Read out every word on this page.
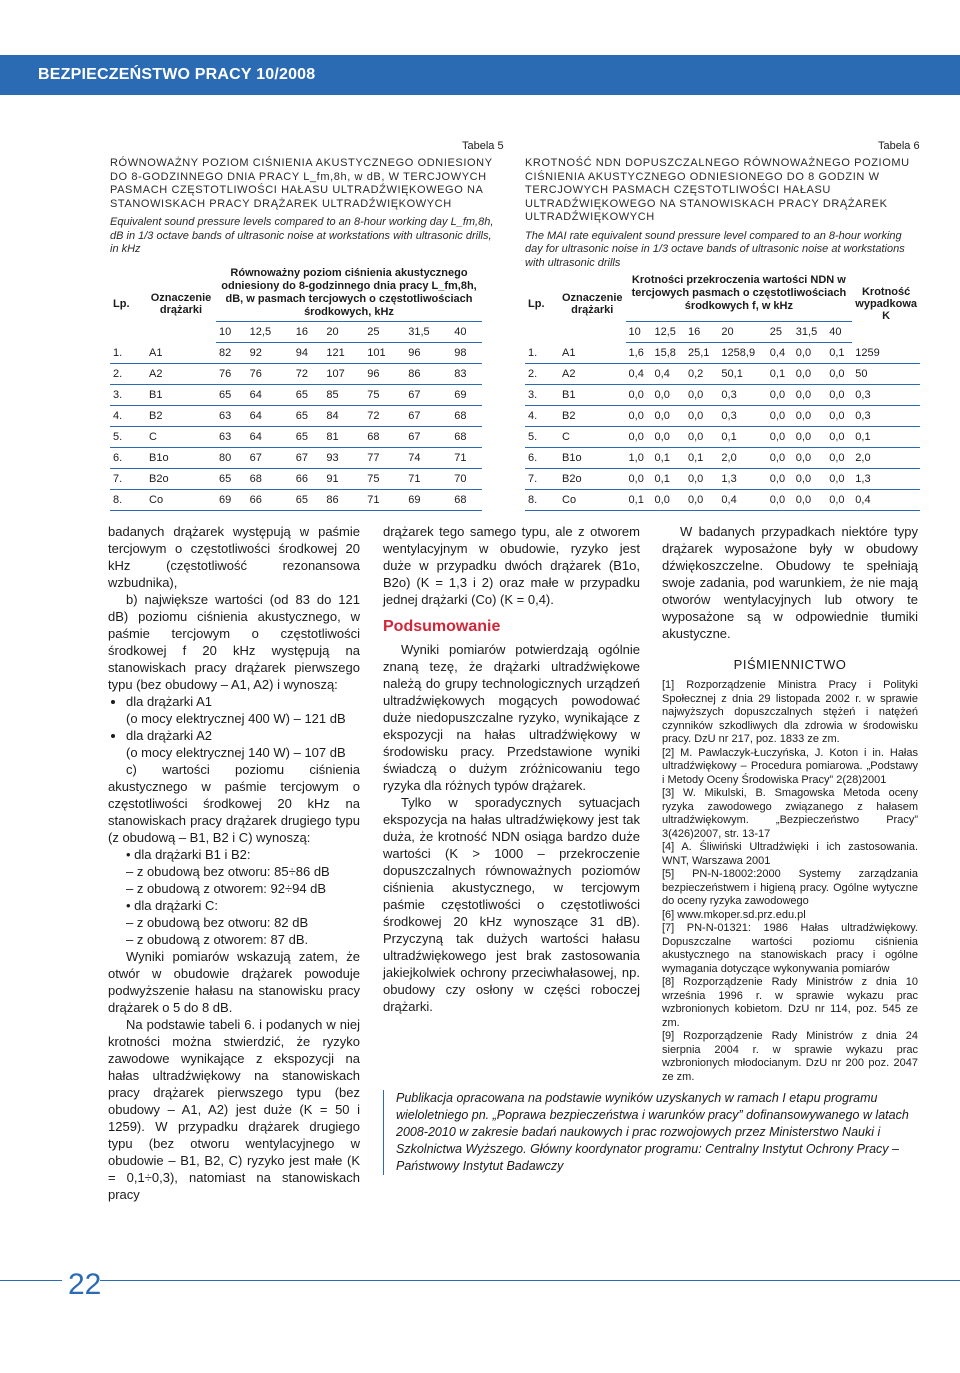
BEZPIECZEŃSTWO PRACY 10/2008
Tabela 5
RÓWNOWAŻNY POZIOM CIŚNIENIA AKUSTYCZNEGO ODNIESIONY DO 8-GODZINNEGO DNIA PRACY L_fm,8h, w dB, W TERCJOWYCH PASMACH CZĘSTOTLIWOŚCI HAŁASU ULTRADŹWIĘKOWEGO NA STANOWISKACH PRACY DRĄŻAREK ULTRADŹWIĘKOWYCH
Equivalent sound pressure levels compared to an 8-hour working day L_fm,8h, dB in 1/3 octave bands of ultrasonic noise at workstations with ultrasonic drills, in kHz
Lp.	Oznaczenie drążarki	Równoważny poziom ciśnienia akustycznego odniesiony do 8-godzinnego dnia pracy L_fm,8h, dB, w pasmach tercjowych o częstotliwościach środkowych, kHz						
		10	12,5	16	20	25	31,5	40
1.	A1	82	92	94	121	101	96	98
2.	A2	76	76	72	107	96	86	83
3.	B1	65	64	65	85	75	67	69
4.	B2	63	64	65	84	72	67	68
5.	C	63	64	65	81	68	67	68
6.	B1o	80	67	67	93	77	74	71
7.	B2o	65	68	66	91	75	71	70
8.	Co	69	66	65	86	71	69	68
Tabela 6
KROTNOŚĆ NDN DOPUSZCZALNEGO RÓWNOWAŻNEGO POZIOMU CIŚNIENIA AKUSTYCZNEGO ODNIESIONEGO DO 8 GODZIN W TERCJOWYCH PASMACH CZĘSTOTLIWOŚCI HAŁASU ULTRADŹWIĘKOWEGO NA STANOWISKACH PRACY DRĄŻAREK ULTRADŹWIĘKOWYCH
The MAI rate equivalent sound pressure level compared to an 8-hour working day for ultrasonic noise in 1/3 octave bands of ultrasonic noise at workstations with ultrasonic drills
Lp.	Oznaczenie drążarki	Krotności przekroczenia wartości NDN w tercjowych pasmach o częstotliwościach środkowych f, w kHz							Krotność wypadkowa K
		10	12,5	16	20	25	31,5	40	
1.	A1	1,6	15,8	25,1	1258,9	0,4	0,0	0,1	1259
2.	A2	0,4	0,4	0,2	50,1	0,1	0,0	0,0	50
3.	B1	0,0	0,0	0,0	0,3	0,0	0,0	0,0	0,3
4.	B2	0,0	0,0	0,0	0,3	0,0	0,0	0,0	0,3
5.	C	0,0	0,0	0,0	0,1	0,0	0,0	0,0	0,1
6.	B1o	1,0	0,1	0,1	2,0	0,0	0,0	0,0	2,0
7.	B2o	0,0	0,1	0,0	1,3	0,0	0,0	0,0	1,3
8.	Co	0,1	0,0	0,0	0,4	0,0	0,0	0,0	0,4

badanych drążarek występują w paśmie tercjowym o częstotliwości środkowej 20 kHz (częstotliwość rezonansowa wzbudnika),

b) największe wartości (od 83 do 121 dB) poziomu ciśnienia akustycznego, w paśmie tercjowym o częstotliwości środkowej f 20 kHz występują na stanowiskach pracy drążarek pierwszego typu (bez obudowy – A1, A2) i wynoszą:

• dla drążarki A1

(o mocy elektrycznej 400 W) – 121 dB

• dla drążarki A2

(o mocy elektrycznej 140 W) – 107 dB

c) wartości poziomu ciśnienia akustycznego w paśmie tercjowym o częstotliwości środkowej 20 kHz na stanowiskach pracy drążarek drugiego typu (z obudową – B1, B2 i C) wynoszą:

• dla drążarki B1 i B2:

– z obudową bez otworu: 85÷86 dB

– z obudową z otworem: 92÷94 dB

• dla drążarki C:

– z obudową bez otworu: 82 dB

– z obudową z otworem: 87 dB.

Wyniki pomiarów wskazują zatem, że otwór w obudowie drążarek powoduje podwyższenie hałasu na stanowisku pracy drążarek o 5 do 8 dB.

Na podstawie tabeli 6. i podanych w niej krotności można stwierdzić, że ryzyko zawodowe wynikające z ekspozycji na hałas ultradźwiękowy na stanowiskach pracy drążarek pierwszego typu (bez obudowy – A1, A2) jest duże (K = 50 i 1259). W przypadku drążarek drugiego typu (bez otworu wentylacyjnego w obudowie – B1, B2, C) ryzyko jest małe (K = 0,1÷0,3), natomiast na stanowiskach pracy

drążarek tego samego typu, ale z otworem wentylacyjnym w obudowie, ryzyko jest duże w przypadku dwóch drążarek (B1o, B2o) (K = 1,3 i 2) oraz małe w przypadku jednej drążarki (Co) (K = 0,4).

Podsumowanie

Wyniki pomiarów potwierdzają ogólnie znaną tezę, że drążarki ultradźwiękowe należą do grupy technologicznych urządzeń ultradźwiękowych mogących powodować duże niedopuszczalne ryzyko, wynikające z ekspozycji na hałas ultradźwiękowy w środowisku pracy. Przedstawione wyniki świadczą o dużym zróżnicowaniu tego ryzyka dla różnych typów drążarek.

Tylko w sporadycznych sytuacjach ekspozycja na hałas ultradźwiękowy jest tak duża, że krotność NDN osiąga bardzo duże wartości (K > 1000 – przekroczenie dopuszczalnych równoważnych poziomów ciśnienia akustycznego, w tercjowym paśmie częstotliwości o częstotliwości środkowej 20 kHz wynoszące 31 dB). Przyczyną tak dużych wartości hałasu ultradźwiękowego jest brak zastosowania jakiejkolwiek ochrony przeciwhałasowej, np. obudowy czy osłony w części roboczej drążarki.

W badanych przypadkach niektóre typy drążarek wyposażone były w obudowy dźwiękoszczelne. Obudowy te spełniają swoje zadania, pod warunkiem, że nie mają otworów wentylacyjnych lub otwory te wyposażone są w odpowiednie tłumiki akustyczne.

PIŚMIENNICTWO

[1] Rozporządzenie Ministra Pracy i Polityki Społecznej z dnia 29 listopada 2002 r. w sprawie najwyższych dopuszczalnych stężeń i natężeń czynników szkodliwych dla zdrowia w środowisku pracy. DzU nr 217, poz. 1833 ze zm.

[2] M. Pawlaczyk-Łuczyńska, J. Koton i in. Hałas ultradźwiękowy – Procedura pomiarowa. „Podstawy i Metody Oceny Środowiska Pracy” 2(28)2001

[3] W. Mikulski, B. Smagowska Metoda oceny ryzyka zawodowego związanego z hałasem ultradźwiękowym. „Bezpieczeństwo Pracy” 3(426)2007, str. 13-17

[4] A. Śliwiński Ultradźwięki i ich zastosowania. WNT, Warszawa 2001

[5] PN-N-18002:2000 Systemy zarządzania bezpieczeństwem i higieną pracy. Ogólne wytyczne do oceny ryzyka zawodowego

[6] www.mkoper.sd.prz.edu.pl

[7] PN-N-01321: 1986 Hałas ultradźwiękowy. Dopuszczalne wartości poziomu ciśnienia akustycznego na stanowiskach pracy i ogólne wymagania dotyczące wykonywania pomiarów

[8] Rozporządzenie Rady Ministrów z dnia 10 września 1996 r. w sprawie wykazu prac wzbronionych kobietom. DzU nr 114, poz. 545 ze zm.

[9] Rozporządzenie Rady Ministrów z dnia 24 sierpnia 2004 r. w sprawie wykazu prac wzbronionych młodocianym. DzU nr 200 poz. 2047 ze zm.

Publikacja opracowana na podstawie wyników uzyskanych w ramach I etapu programu wieloletniego pn. „Poprawa bezpieczeństwa i warunków pracy” dofinansowywanego w latach 2008-2010 w zakresie badań naukowych i prac rozwojowych przez Ministerstwo Nauki i Szkolnictwa Wyższego. Główny koordynator programu: Centralny Instytut Ochrony Pracy – Państwowy Instytut Badawczy
22
